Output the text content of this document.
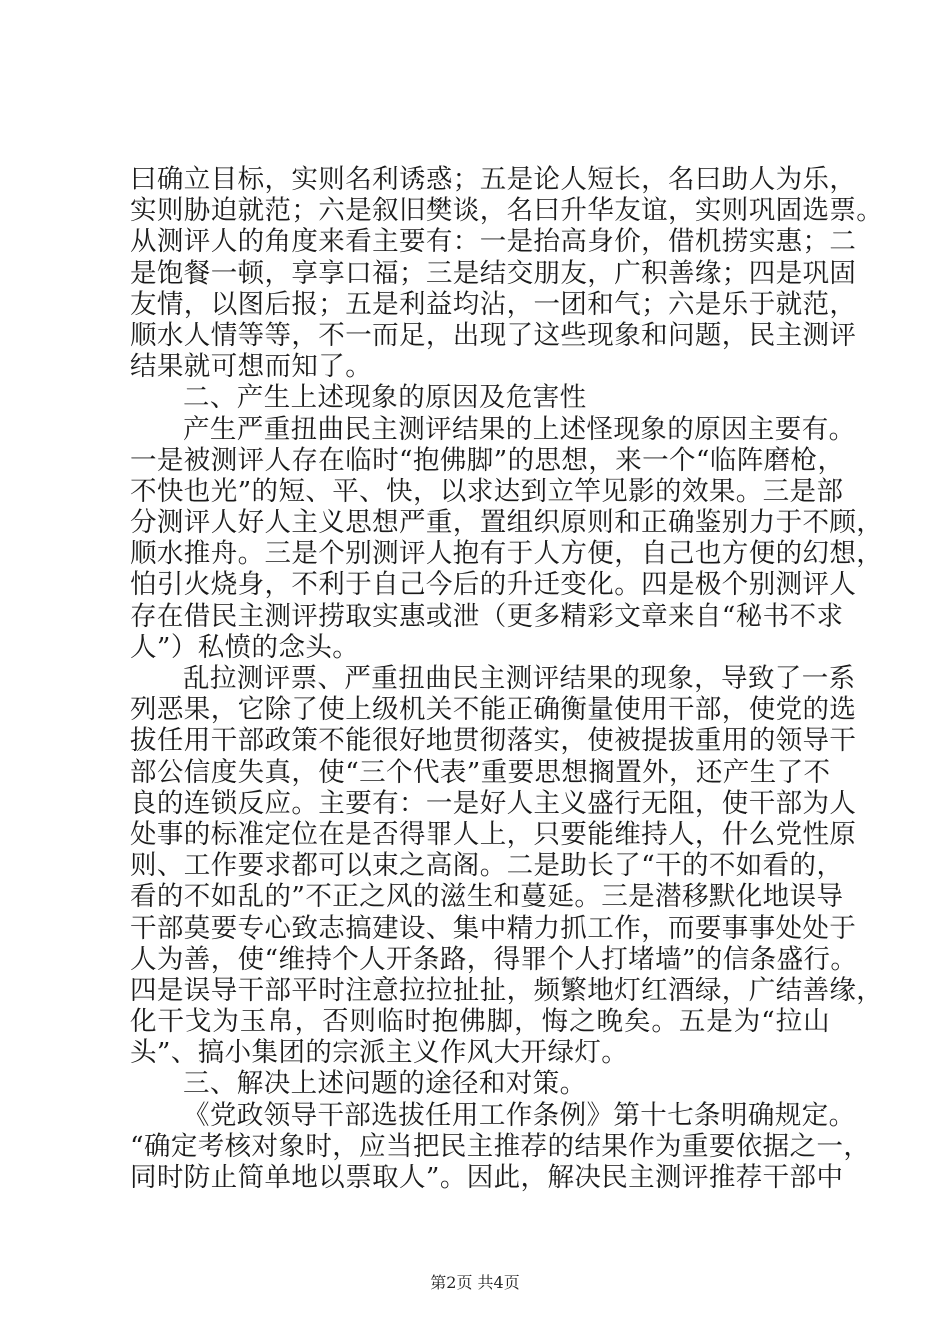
曰确立目标，实则名利诱惑；五是论人短长，名曰助人为乐，
实则胁迫就范；六是叙旧樊谈，名曰升华友谊，实则巩固选票。
从测评人的角度来看主要有：一是抬高身价，借机捞实惠；二
是饱餐一顿，享享口福；三是结交朋友，广积善缘；四是巩固
友情，以图后报；五是利益均沾，一团和气；六是乐于就范，
顺水人情等等，不一而足，出现了这些现象和问题，民主测评
结果就可想而知了。
二、产生上述现象的原因及危害性
产生严重扭曲民主测评结果的上述怪现象的原因主要有。
一是被测评人存在临时“抱佛脚”的思想，来一个“临阵磨枪，
不快也光”的短、平、快，以求达到立竿见影的效果。三是部
分测评人好人主义思想严重，置组织原则和正确鉴别力于不顾，
顺水推舟。三是个别测评人抱有于人方便，自己也方便的幻想，
怕引火烧身，不利于自己今后的升迁变化。四是极个别测评人
存在借民主测评捞取实惠或泄（更多精彩文章来自“秘书不求
人”）私愤的念头。
乱拉测评票、严重扭曲民主测评结果的现象，导致了一系
列恶果，它除了使上级机关不能正确衡量使用干部，使党的选
拔任用干部政策不能很好地贯彻落实，使被提拔重用的领导干
部公信度失真，使“三个代表”重要思想搁置外，还产生了不
良的连锁反应。主要有：一是好人主义盛行无阻，使干部为人
处事的标准定位在是否得罪人上，只要能维持人，什么党性原
则、工作要求都可以束之高阁。二是助长了“干的不如看的，
看的不如乱的”不正之风的滋生和蔓延。三是潜移默化地误导
干部莫要专心致志搞建设、集中精力抓工作，而要事事处处于
人为善，使“维持个人开条路，得罪个人打堵墙”的信条盛行。
四是误导干部平时注意拉拉扯扯，频繁地灯红酒绿，广结善缘，
化干戈为玉帛，否则临时抱佛脚，悔之晚矣。五是为“拉山
头”、搞小集团的宗派主义作风大开绿灯。
三、解决上述问题的途径和对策。
《党政领导干部选拔任用工作条例》第十七条明确规定。
“确定考核对象时，应当把民主推荐的结果作为重要依据之一，
同时防止简单地以票取人”。因此，解决民主测评推荐干部中
第2页 共4页
